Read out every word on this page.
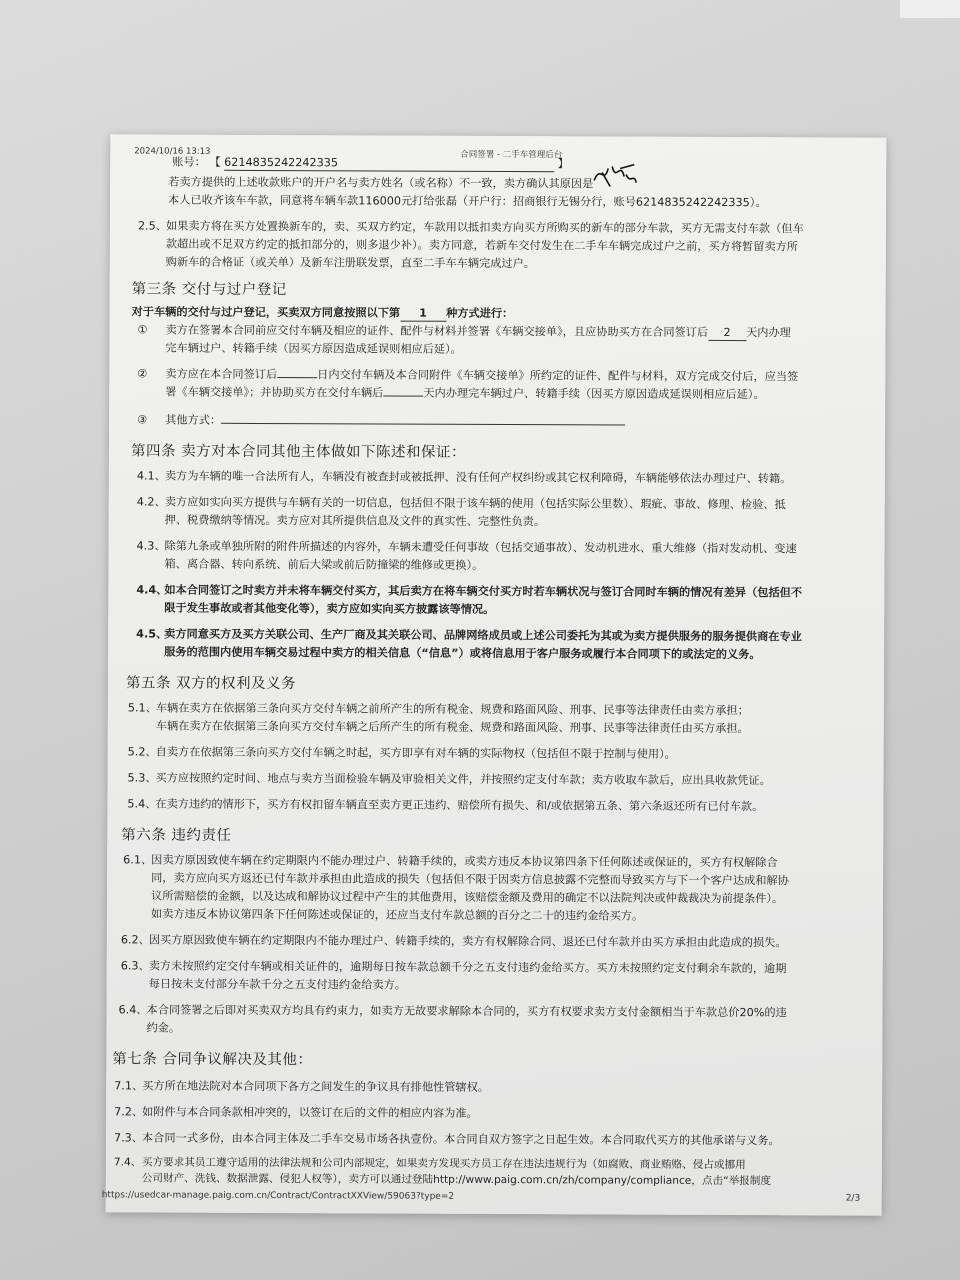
2024/10/16 13:13	合同签署 - 二手车管理后台
账号： 【 6214835242242335	】
若卖方提供的上述收款账户的开户名与卖方姓名（或名称）不一致，卖方确认其原因是
本人已收齐该车车款，同意将车辆车款116000元打给张磊（开户行：招商银行无锡分行，账号6214835242242335）。
2.5、如果卖方将在买方处置换新车的，卖、买双方约定，车款用以抵扣卖方向买方所购买的新车的部分车款，买方无需支付车款（但车
款超出或不足双方约定的抵扣部分的，则多退少补）。卖方同意，若新车交付发生在二手车车辆完成过户之前，买方将暂留卖方所
购新车的合格证（或关单）及新车注册联发票，直至二手车车辆完成过户。
第三条 交付与过户登记
对于车辆的交付与过户登记，买卖双方同意按照以下第 1 种方式进行：
① 卖方在签署本合同前应交付车辆及相应的证件、配件与材料并签署《车辆交接单》，且应协助买方在合同签订后 2 天内办理
完车辆过户、转籍手续（因买方原因造成延误则相应后延）。
② 卖方应在本合同签订后	日内交付车辆及本合同附件《车辆交接单》所约定的证件、配件与材料，双方完成交付后，应当签
署《车辆交接单》；并协助买方在交付车辆后	天内办理完车辆过户、转籍手续（因买方原因造成延误则相应后延）。
③ 其他方式：
第四条 卖方对本合同其他主体做如下陈述和保证：
4.1、卖方为车辆的唯一合法所有人，车辆没有被查封或被抵押、没有任何产权纠纷或其它权利障碍，车辆能够依法办理过户、转籍。
4.2、卖方应如实向买方提供与车辆有关的一切信息，包括但不限于该车辆的使用（包括实际公里数）、瑕疵、事故、修理、检验、抵
押、税费缴纳等情况。卖方应对其所提供信息及文件的真实性、完整性负责。
4.3、除第九条或单独所附的附件所描述的内容外，车辆未遭受任何事故（包括交通事故）、发动机进水、重大维修（指对发动机、变速
箱、离合器、转向系统、前后大梁或前后防撞梁的维修或更换）。
4.4、如本合同签订之时卖方并未将车辆交付买方，其后卖方在将车辆交付买方时若车辆状况与签订合同时车辆的情况有差异（包括但不
限于发生事故或者其他变化等），卖方应如实向买方披露该等情况。
4.5、卖方同意买方及买方关联公司、生产厂商及其关联公司、品牌网络成员或上述公司委托为其或为卖方提供服务的服务提供商在专业
服务的范围内使用车辆交易过程中卖方的相关信息（“信息”）或将信息用于客户服务或履行本合同项下的或法定的义务。
第五条 双方的权利及义务
5.1、车辆在卖方在依据第三条向买方交付车辆之前所产生的所有税金、规费和路面风险、刑事、民事等法律责任由卖方承担；
车辆在卖方在依据第三条向买方交付车辆之后所产生的所有税金、规费和路面风险、刑事、民事等法律责任由买方承担。
5.2、自卖方在依据第三条向买方交付车辆之时起，买方即享有对车辆的实际物权（包括但不限于控制与使用）。
5.3、买方应按照约定时间、地点与卖方当面检验车辆及审验相关文件，并按照约定支付车款；卖方收取车款后，应出具收款凭证。
5.4、在卖方违约的情形下，买方有权扣留车辆直至卖方更正违约、赔偿所有损失、和/或依据第五条、第六条返还所有已付车款。
第六条 违约责任
6.1、因卖方原因致使车辆在约定期限内不能办理过户、转籍手续的，或卖方违反本协议第四条下任何陈述或保证的，买方有权解除合
同，卖方应向买方返还已付车款并承担由此造成的损失（包括但不限于因卖方信息披露不完整而导致买方与下一个客户达成和解协
议所需赔偿的金额，以及达成和解协议过程中产生的其他费用，该赔偿金额及费用的确定不以法院判决或仲裁裁决为前提条件）。
如卖方违反本协议第四条下任何陈述或保证的，还应当支付车款总额的百分之二十的违约金给买方。
6.2、因买方原因致使车辆在约定期限内不能办理过户、转籍手续的，卖方有权解除合同、退还已付车款并由买方承担由此造成的损失。
6.3、卖方未按照约定交付车辆或相关证件的，逾期每日按车款总额千分之五支付违约金给买方。买方未按照约定支付剩余车款的，逾期
每日按未支付部分车款千分之五支付违约金给卖方。
6.4、本合同签署之后即对买卖双方均具有约束力，如卖方无故要求解除本合同的，买方有权要求卖方支付金额相当于车款总价20%的违
约金。
第七条 合同争议解决及其他：
7.1、买方所在地法院对本合同项下各方之间发生的争议具有排他性管辖权。
7.2、如附件与本合同条款相冲突的，以签订在后的文件的相应内容为准。
7.3、本合同一式多份，由本合同主体及二手车交易市场各执壹份。本合同自双方签字之日起生效。本合同取代买方的其他承诺与义务。
7.4、买方要求其员工遵守适用的法律法规和公司内部规定，如果卖方发现买方员工存在违法违规行为（如腐败、商业贿赂、侵占或挪用
公司财产、洗钱、数据泄露、侵犯人权等），卖方可以通过登陆http://www.paig.com.cn/zh/company/compliance，点击“举报制度
https://usedcar-manage.paig.com.cn/Contract/ContractXXView/59063?type=2	2/3
